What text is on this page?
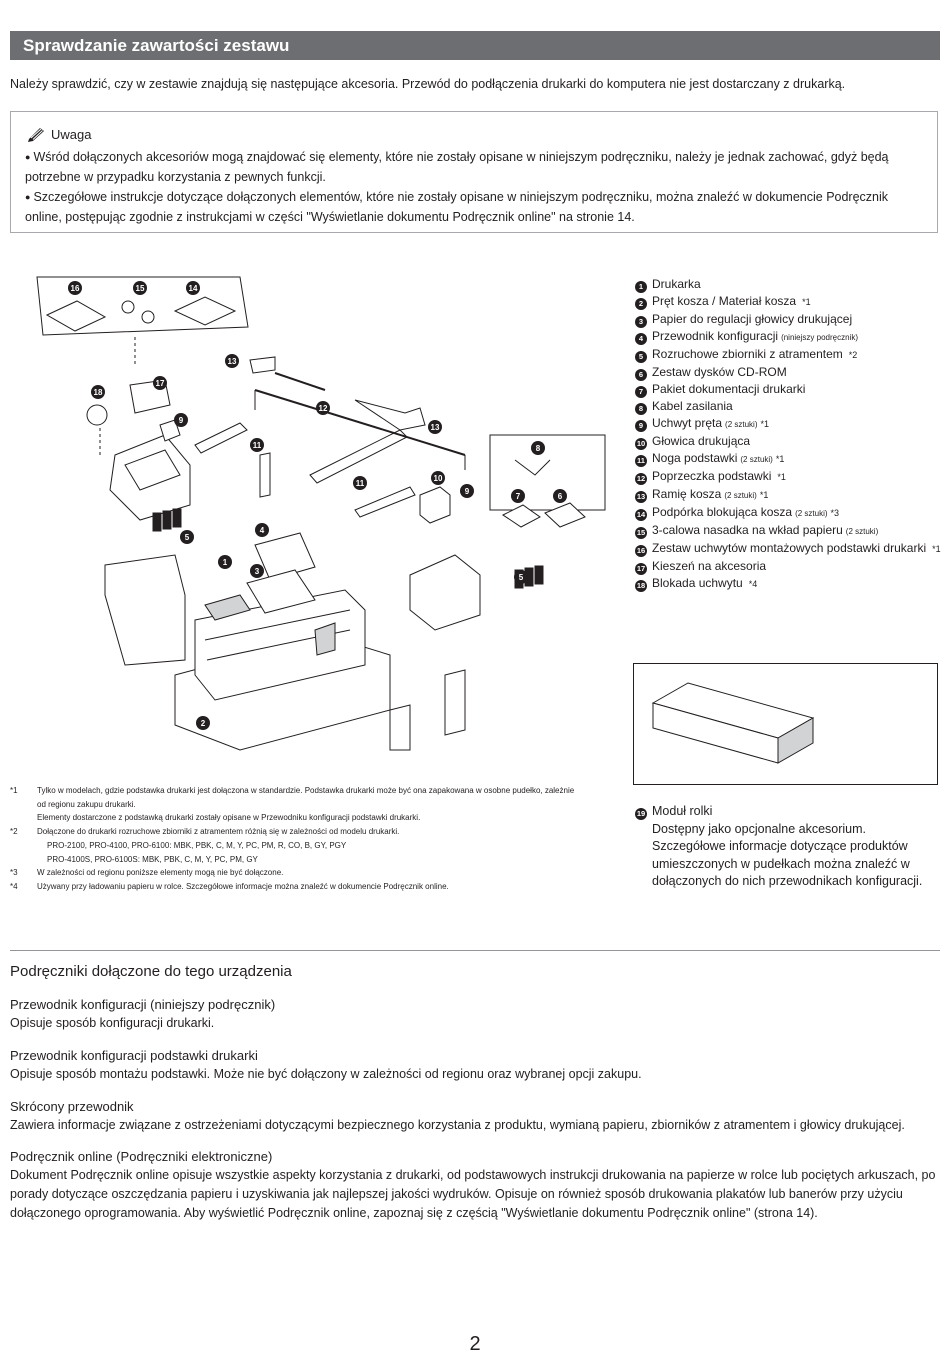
Sprawdzanie zawartości zestawu
Należy sprawdzić, czy w zestawie znajdują się następujące akcesoria. Przewód do podłączenia drukarki do komputera nie jest dostarczany z drukarką.
Uwaga
● Wśród dołączonych akcesoriów mogą znajdować się elementy, które nie zostały opisane w niniejszym podręczniku, należy je jednak zachować, gdyż będą potrzebne w przypadku korzystania z pewnych funkcji.
● Szczegółowe instrukcje dotyczące dołączonych elementów, które nie zostały opisane w niniejszym podręczniku, można znaleźć w dokumencie Podręcznik online, postępując zgodnie z instrukcjami w części "Wyświetlanie dokumentu Podręcznik online" na stronie 14.
16	15	14
13
17
18
9
12
13
11	8
10
11
9
7	6
4
5
1
3
5
2
1 Drukarka
2 Pręt kosza / Materiał kosza *1
3 Papier do regulacji głowicy drukującej
4 Przewodnik konfiguracji (niniejszy podręcznik)
5 Rozruchowe zbiorniki z atramentem *2
6 Zestaw dysków CD-ROM
7 Pakiet dokumentacji drukarki
8 Kabel zasilania
9 Uchwyt pręta (2 sztuki) *1
10 Głowica drukująca
11 Noga podstawki (2 sztuki) *1
12 Poprzeczka podstawki *1
13 Ramię kosza (2 sztuki) *1
14 Podpórka blokująca kosza (2 sztuki) *3
15 3-calowa nasadka na wkład papieru (2 sztuki)
16 Zestaw uchwytów montażowych podstawki drukarki *1
17 Kieszeń na akcesoria
18 Blokada uchwytu *4
*1	Tylko w modelach, gdzie podstawka drukarki jest dołączona w standardzie. Podstawka drukarki może być ona zapakowana w osobne pudełko, zależnie
od regionu zakupu drukarki.
Elementy dostarczone z podstawką drukarki zostały opisane w Przewodniku konfiguracji podstawki drukarki.
*2	Dołączone do drukarki rozruchowe zbiorniki z atramentem różnią się w zależności od modelu drukarki.
PRO-2100, PRO-4100, PRO-6100: MBK, PBK, C, M, Y, PC, PM, R, CO, B, GY, PGY
PRO-4100S, PRO-6100S: MBK, PBK, C, M, Y, PC, PM, GY
*3	W zależności od regionu poniższe elementy mogą nie być dołączone.
*4	Używany przy ładowaniu papieru w rolce. Szczegółowe informacje można znaleźć w dokumencie Podręcznik online.
19 Moduł rolki
Dostępny jako opcjonalne akcesorium.
Szczegółowe informacje dotyczące produktów
umieszczonych w pudełkach można znaleźć w
dołączonych do nich przewodnikach konfiguracji.
Podręczniki dołączone do tego urządzenia
Przewodnik konfiguracji (niniejszy podręcznik)
Opisuje sposób konfiguracji drukarki.
Przewodnik konfiguracji podstawki drukarki
Opisuje sposób montażu podstawki. Może nie być dołączony w zależności od regionu oraz wybranej opcji zakupu.
Skrócony przewodnik
Zawiera informacje związane z ostrzeżeniami dotyczącymi bezpiecznego korzystania z produktu, wymianą papieru, zbiorników z atramentem i głowicy drukującej.
Podręcznik online (Podręczniki elektroniczne)
Dokument Podręcznik online opisuje wszystkie aspekty korzystania z drukarki, od podstawowych instrukcji drukowania na papierze w rolce lub pociętych arkuszach, po porady dotyczące oszczędzania papieru i uzyskiwania jak najlepszej jakości wydruków. Opisuje on również sposób drukowania plakatów lub banerów przy użyciu dołączonego oprogramowania. Aby wyświetlić Podręcznik online, zapoznaj się z częścią "Wyświetlanie dokumentu Podręcznik online" (strona 14).
2
